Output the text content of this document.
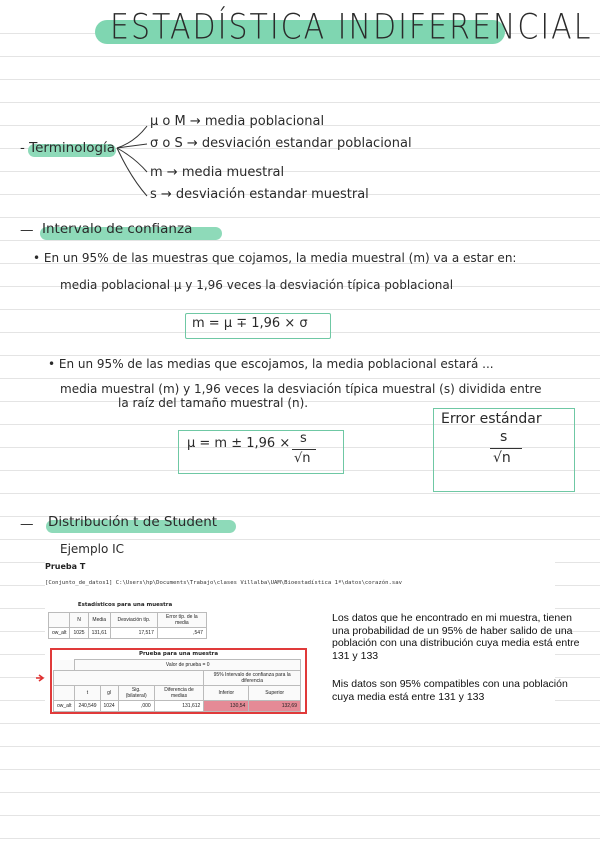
ESTADÍSTICA INDIFERENCIAL
- Terminología
μ o M → media poblacional
σ o S → desviación estandar poblacional
m → media muestral
s → desviación estandar muestral
— Intervalo de confianza
• En un 95% de las muestras que cojamos, la media muestral (m) va a estar en:
media poblacional μ y 1,96 veces la desviación típica poblacional
m = μ ∓ 1,96 × σ
• En un 95% de las medias que escojamos, la media poblacional estará ...
media muestral (m) y 1,96 veces la desviación típica muestral (s) dividida entre
la raíz del tamaño muestral (n).
μ = m ± 1,96 × s
√n
Error estándar
s
√n
— Distribución t de Student
Ejemplo IC
Prueba T
[Conjunto_de_datos1] C:\Users\hp\Documents\Trabajo\clases Villalba\UAM\Bioestadística 1ª\datos\corazón.sav
Estadísticos para una muestra
	N	Media	Desviación típ.	Error típ. de la media
ow_alt	1025	131,61	17,517	,547
Prueba para una muestra
	Valor de prueba = 0					
					95% Intervalo de confianza para la diferencia	
	t	gl	Sig. (bilateral)	Diferencia de medias	Inferior	Superior
ow_alt	240,549	1024	,000	131,612	130,54	132,69
Los datos que he encontrado en mi muestra, tienen una probabilidad de un 95% de haber salido de una población con una distribución cuya media está entre 131 y 133
Mis datos son 95% compatibles con una población cuya media está entre 131 y 133
